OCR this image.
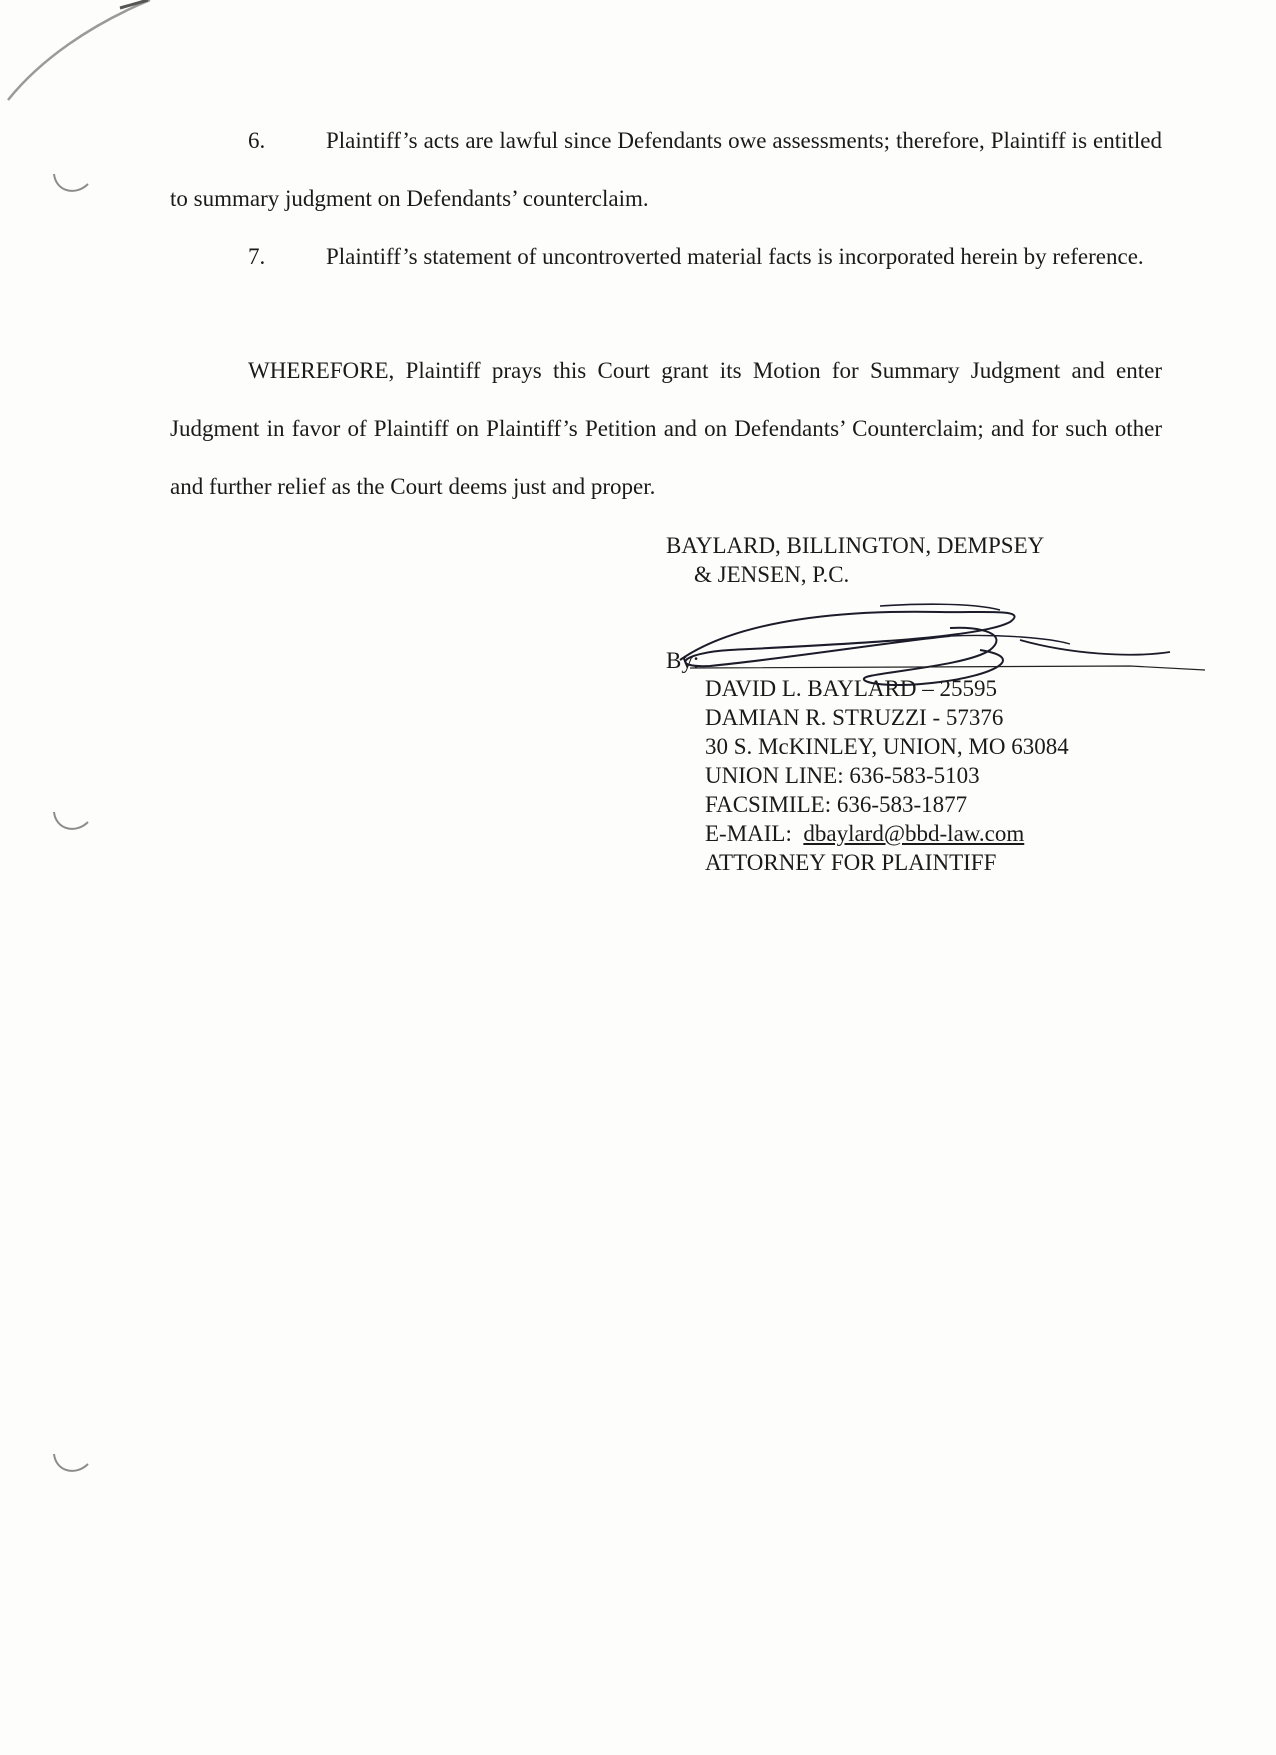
6.	Plaintiff’s acts are lawful since Defendants owe assessments; therefore, Plaintiff is entitled to summary judgment on Defendants’ counterclaim.

7.	Plaintiff’s statement of uncontroverted material facts is incorporated herein by reference.

WHEREFORE, Plaintiff prays this Court grant its Motion for Summary Judgment and enter Judgment in favor of Plaintiff on Plaintiff’s Petition and on Defendants’ Counterclaim; and for such other and further relief as the Court deems just and proper.

BAYLARD, BILLINGTON, DEMPSEY
& JENSEN, P.C.
By:
DAVID L. BAYLARD – 25595
DAMIAN R. STRUZZI - 57376
30 S. McKINLEY, UNION, MO 63084
UNION LINE: 636-583-5103
FACSIMILE: 636-583-1877
E-MAIL:  dbaylard@bbd-law.com
ATTORNEY FOR PLAINTIFF
